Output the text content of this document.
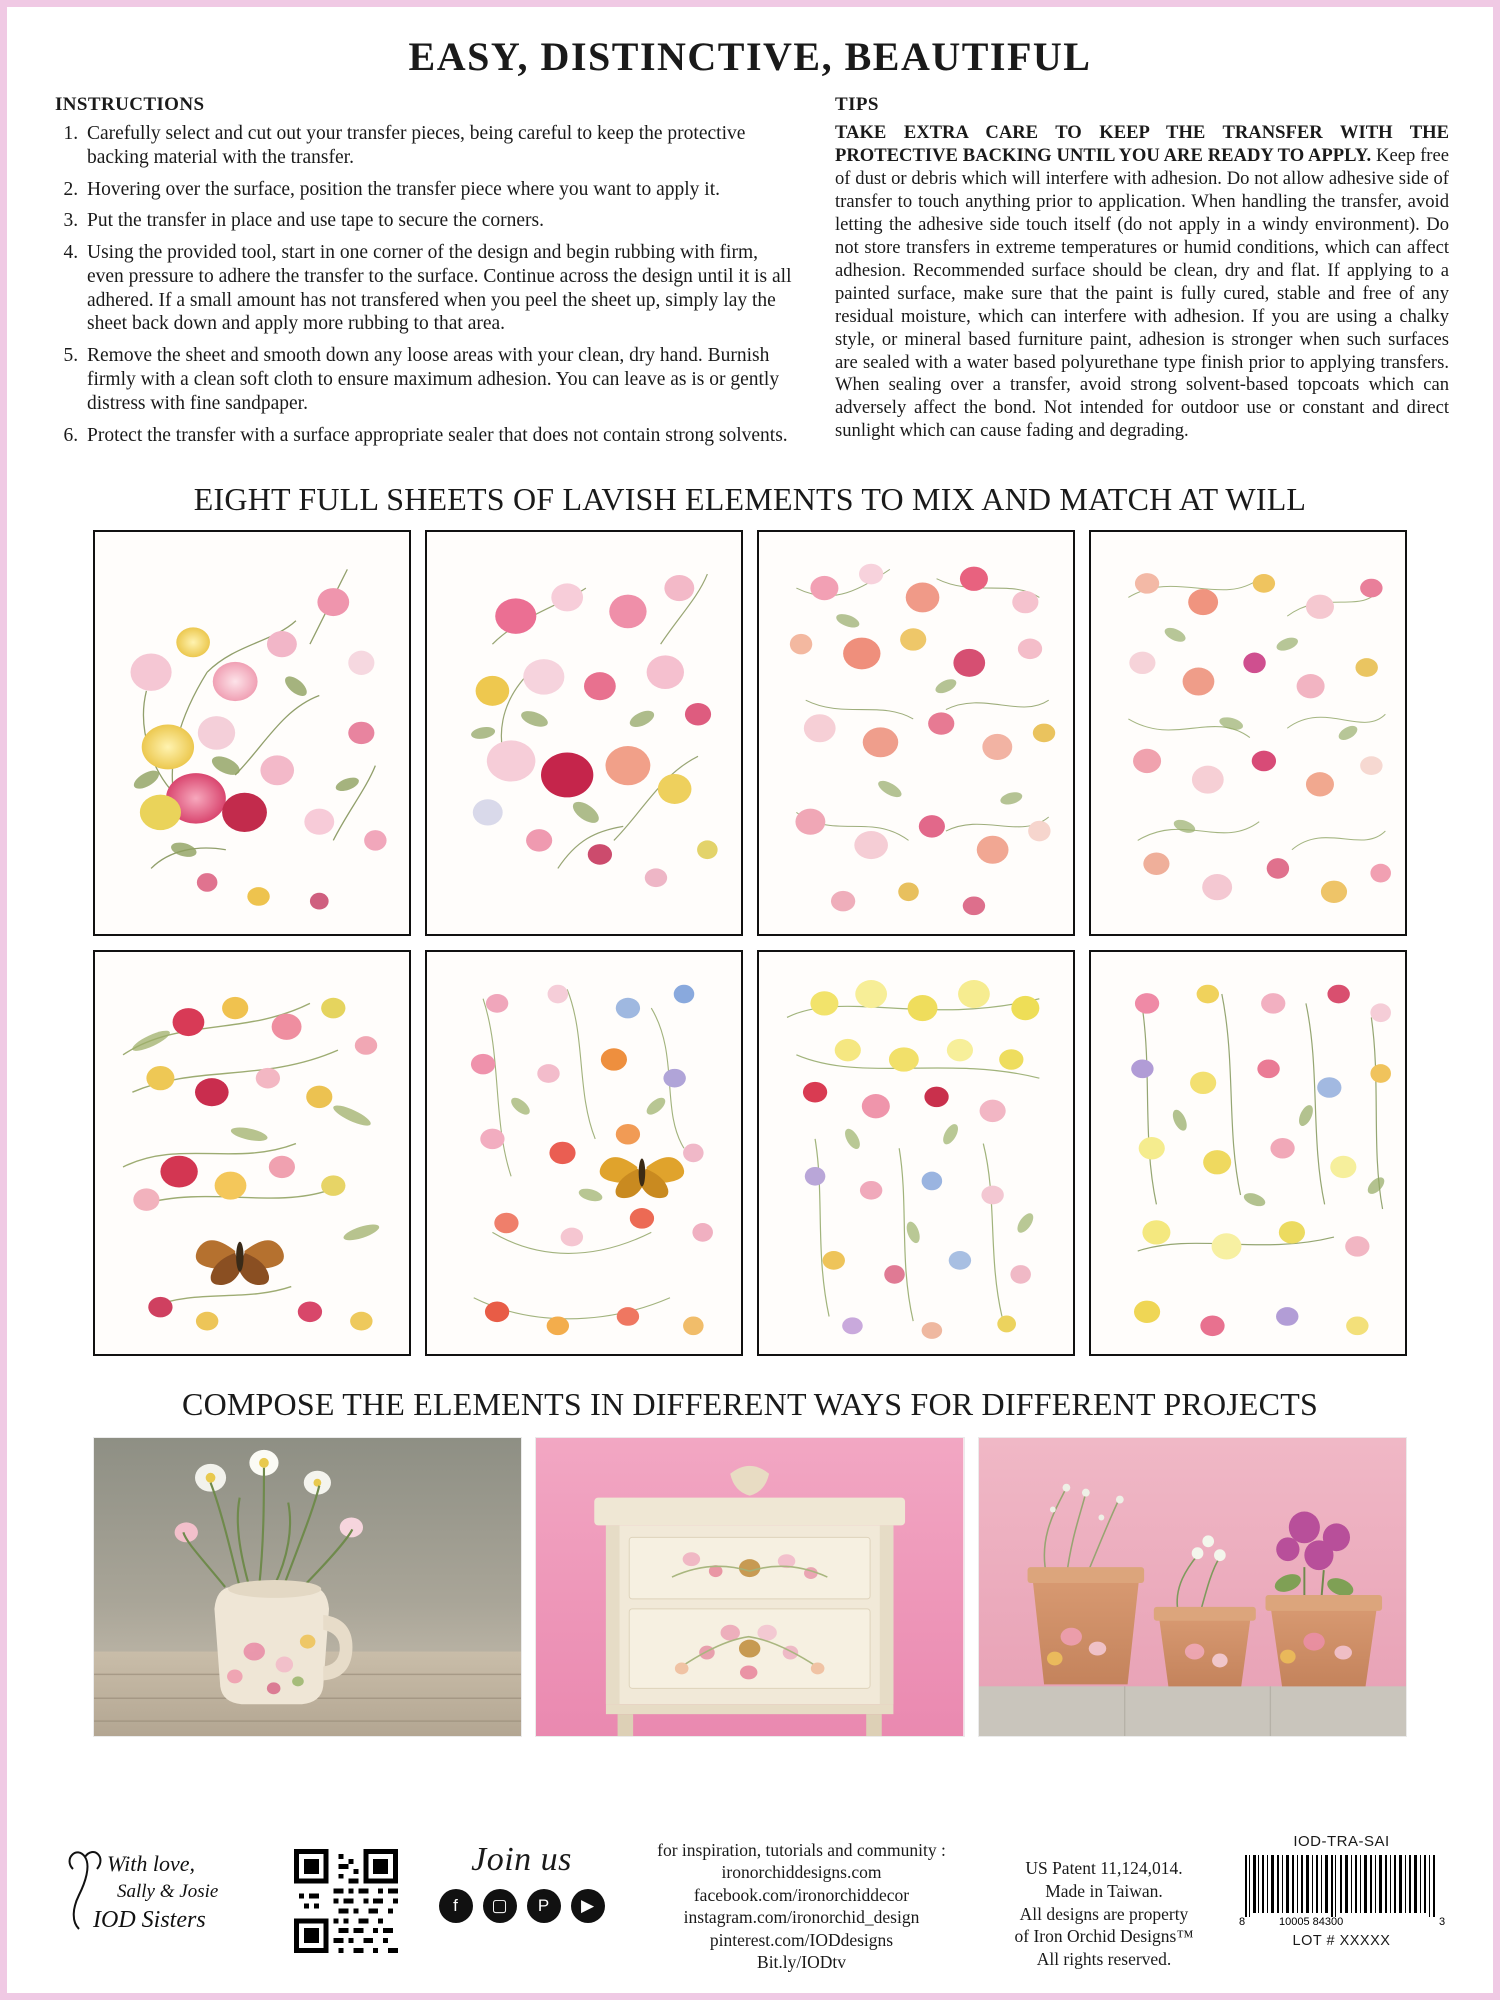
EASY, DISTINCTIVE, BEAUTIFUL
INSTRUCTIONS
1. Carefully select and cut out your transfer pieces, being careful to keep the protective backing material with the transfer.
2. Hovering over the surface, position the transfer piece where you want to apply it.
3. Put the transfer in place and use tape to secure the corners.
4. Using the provided tool, start in one corner of the design and begin rubbing with firm, even pressure to adhere the transfer to the surface. Continue across the design until it is all adhered. If a small amount has not transfered when you peel the sheet up, simply lay the sheet back down and apply more rubbing to that area.
5. Remove the sheet and smooth down any loose areas with your clean, dry hand. Burnish firmly with a clean soft cloth to ensure maximum adhesion. You can leave as is or gently distress with fine sandpaper.
6. Protect the transfer with a surface appropriate sealer that does not contain strong solvents.
TIPS
TAKE EXTRA CARE TO KEEP THE TRANSFER WITH THE PROTECTIVE BACKING UNTIL YOU ARE READY TO APPLY. Keep free of dust or debris which will interfere with adhesion. Do not allow adhesive side of transfer to touch anything prior to application. When handling the transfer, avoid letting the adhesive side touch itself (do not apply in a windy environment). Do not store transfers in extreme temperatures or humid conditions, which can affect adhesion. Recommended surface should be clean, dry and flat. If applying to a painted surface, make sure that the paint is fully cured, stable and free of any residual moisture, which can interfere with adhesion. If you are using a chalky style, or mineral based furniture paint, adhesion is stronger when such surfaces are sealed with a water based polyurethane type finish prior to applying transfers. When sealing over a transfer, avoid strong solvent-based topcoats which can adversely affect the bond. Not intended for outdoor use or constant and direct sunlight which can cause fading and degrading.
EIGHT FULL SHEETS OF LAVISH ELEMENTS TO MIX AND MATCH AT WILL
COMPOSE THE ELEMENTS IN DIFFERENT WAYS FOR DIFFERENT PROJECTS
With love,
Sally & Josie
IOD Sisters
Join us
f	▢	P	▶
for inspiration, tutorials and community :
ironorchiddesigns.com
facebook.com/ironorchiddecor
instagram.com/ironorchid_design
pinterest.com/IODdesigns
Bit.ly/IODtv
US Patent 11,124,014.
Made in Taiwan.
All designs are property
of Iron Orchid Designs™
All rights reserved.
IOD-TRA-SAI
8	10005 84300	3
LOT # XXXXX
